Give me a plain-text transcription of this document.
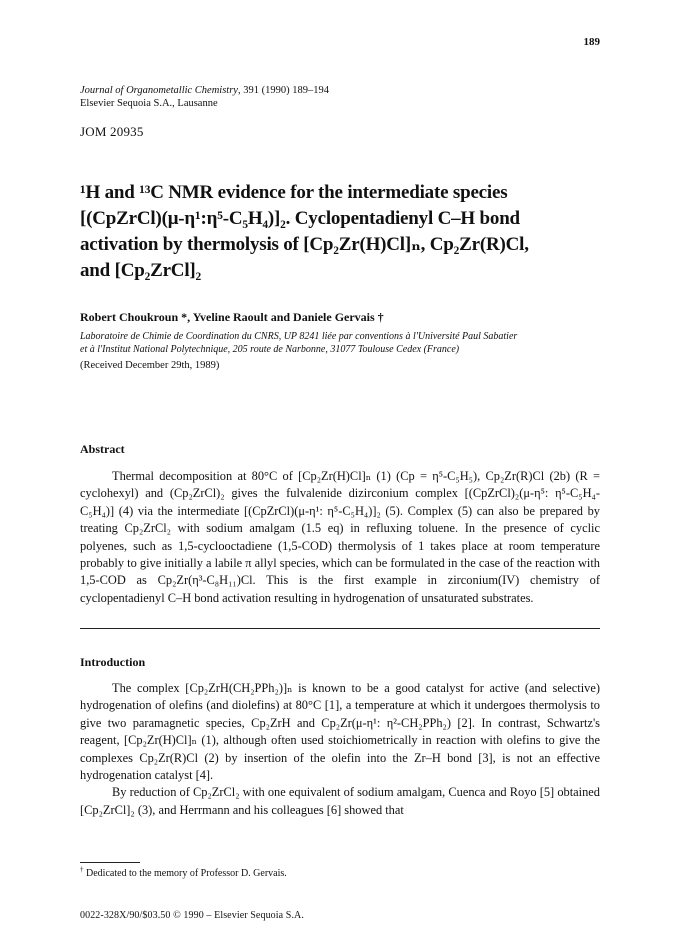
189
Journal of Organometallic Chemistry, 391 (1990) 189–194
Elsevier Sequoia S.A., Lausanne
JOM 20935
¹H and ¹³C NMR evidence for the intermediate species
[(CpZrCl)(μ-η¹:η⁵-C₅H₄)]₂. Cyclopentadienyl C–H bond
activation by thermolysis of [Cp₂Zr(H)Cl]ₙ, Cp₂Zr(R)Cl,
and [Cp₂ZrCl]₂
Robert Choukroun *, Yveline Raoult and Daniele Gervais †
Laboratoire de Chimie de Coordination du CNRS, UP 8241 liée par conventions à l'Université Paul Sabatier
et à l'Institut National Polytechnique, 205 route de Narbonne, 31077 Toulouse Cedex (France)
(Received December 29th, 1989)
Abstract
Thermal decomposition at 80°C of [Cp₂Zr(H)Cl]ₙ (1) (Cp = η⁵-C₅H₅), Cp₂Zr(R)Cl (2b) (R = cyclohexyl) and (Cp₂ZrCl)₂ gives the fulvalenide dizirconium complex [(CpZrCl)₂(μ-η⁵: η⁵-C₅H₄-C₅H₄)] (4) via the intermediate [(CpZrCl)(μ-η¹: η⁵-C₅H₄)]₂ (5). Complex (5) can also be prepared by treating Cp₂ZrCl₂ with sodium amalgam (1.5 eq) in refluxing toluene. In the presence of cyclic polyenes, such as 1,5-cyclooctadiene (1,5-COD) thermolysis of 1 takes place at room temperature probably to give initially a labile π allyl species, which can be formulated in the case of the reaction with 1,5-COD as Cp₂Zr(η³-C₈H₁₁)Cl. This is the first example in zirconium(IV) chemistry of cyclopentadienyl C–H bond activation resulting in hydrogenation of unsaturated substrates.
Introduction

The complex [Cp₂ZrH(CH₂PPh₂)]ₙ is known to be a good catalyst for active (and selective) hydrogenation of olefins (and diolefins) at 80°C [1], a temperature at which it undergoes thermolysis to give two paramagnetic species, Cp₂ZrH and Cp₂Zr(μ-η¹: η²-CH₂PPh₂) [2]. In contrast, Schwartz's reagent, [Cp₂Zr(H)Cl]ₙ (1), although often used stoichiometrically in reaction with olefins to give the complexes Cp₂Zr(R)Cl (2) by insertion of the olefin into the Zr–H bond [3], is not an effective hydrogenation catalyst [4].

By reduction of Cp₂ZrCl₂ with one equivalent of sodium amalgam, Cuenca and Royo [5] obtained [Cp₂ZrCl]₂ (3), and Herrmann and his colleagues [6] showed that

† Dedicated to the memory of Professor D. Gervais.
0022-328X/90/$03.50 © 1990 – Elsevier Sequoia S.A.
